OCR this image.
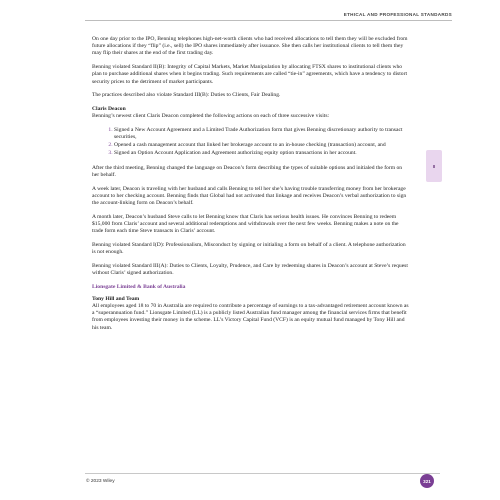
ETHICAL AND PROFESSIONAL STANDARDS
II

On one day prior to the IPO, Benning telephones high-net-worth clients who had received allocations to tell them they will be excluded from future allocations if they “flip” (i.e., sell) the IPO shares immediately after issuance. She then calls her institutional clients to tell them they may flip their shares at the end of the first trading day.

Benning violated Standard II(B): Integrity of Capital Markets, Market Manipulation by allocating FTSX shares to institutional clients who plan to purchase additional shares when it begins trading. Such requirements are called “tie-in” agreements, which have a tendency to distort security prices to the detriment of market participants.

The practices described also violate Standard III(B): Duties to Clients, Fair Dealing.

Claris Deacon

Benning’s newest client Claris Deacon completed the following actions on each of three successive visits:

1. Signed a New Account Agreement and a Limited Trade Authorization form that gives Benning discretionary authority to transact securities,
2. Opened a cash management account that linked her brokerage account to an in-house checking (transaction) account, and
3. Signed an Option Account Application and Agreement authorizing equity option transactions in her account.

After the third meeting, Benning changed the language on Deacon’s form describing the types of suitable options and initialed the form on her behalf.

A week later, Deacon is traveling with her husband and calls Benning to tell her she’s having trouble transferring money from her brokerage account to her checking account. Benning finds that Global had not activated that linkage and receives Deacon’s verbal authorization to sign the account-linking form on Deacon’s behalf.

A month later, Deacon’s husband Steve calls to let Benning know that Claris has serious health issues. He convinces Benning to redeem $15,000 from Claris’ account and several additional redemptions and withdrawals over the next few weeks. Benning makes a note on the trade form each time Steve transacts in Claris’ account.

Benning violated Standard I(D): Professionalism, Misconduct by signing or initialing a form on behalf of a client. A telephone authorization is not enough.

Benning violated Standard III(A): Duties to Clients, Loyalty, Prudence, and Care by redeeming shares in Deacon’s account at Steve’s request without Claris’ signed authorization.

Lionsgate Limited & Bank of Australia
Tony Hill and Team

All employees aged 18 to 70 in Australia are required to contribute a percentage of earnings to a tax-advantaged retirement account known as a “superannuation fund.” Lionsgate Limited (LL) is a publicly listed Australian fund manager among the financial services firms that benefit from employees investing their money in the scheme. LL’s Victory Capital Fund (VCF) is an equity mutual fund managed by Tony Hill and his team.

© 2023 Wiley	321
